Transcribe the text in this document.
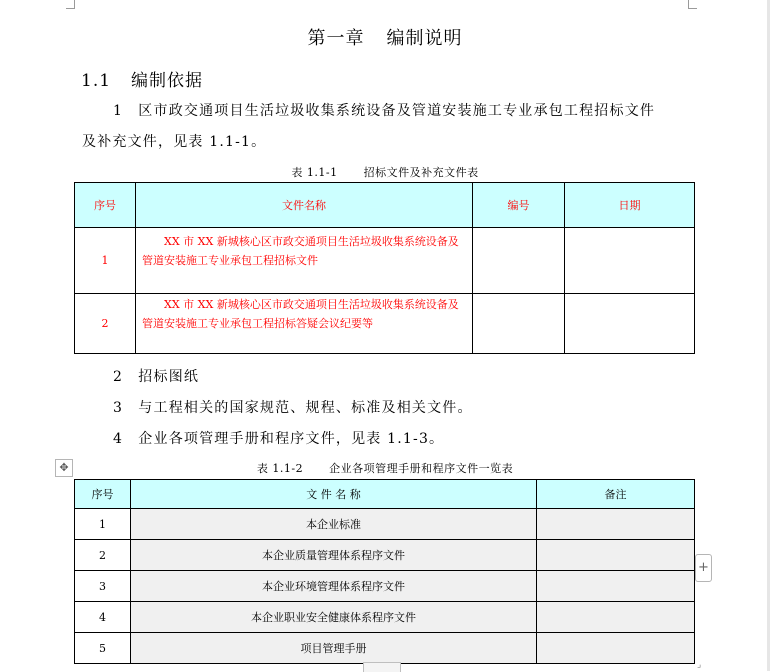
第一章 编制说明
1.1 编制依据
1　区市政交通项目生活垃圾收集系统设备及管道安装施工专业承包工程招标文件
及补充文件，见表 1.1-1。
表 1.1-1 招标文件及补充文件表
序号	文件名称	编号	日期
1	XX 市 XX 新城核心区市政交通项目生活垃圾收集系统设备及管道安装施工专业承包工程招标文件		
2	XX 市 XX 新城核心区市政交通项目生活垃圾收集系统设备及管道安装施工专业承包工程招标答疑会议纪要等		
2　招标图纸
3　与工程相关的国家规范、规程、标准及相关文件。
4　企业各项管理手册和程序文件，见表 1.1-3。
✥	表 1.1-2 企业各项管理手册和程序文件一览表
序号	文 件 名 称	备注
1	本企业标准	
2	本企业质量管理体系程序文件	
3	本企业环境管理体系程序文件	
4	本企业职业安全健康体系程序文件	
5	项目管理手册	
+
⌟
